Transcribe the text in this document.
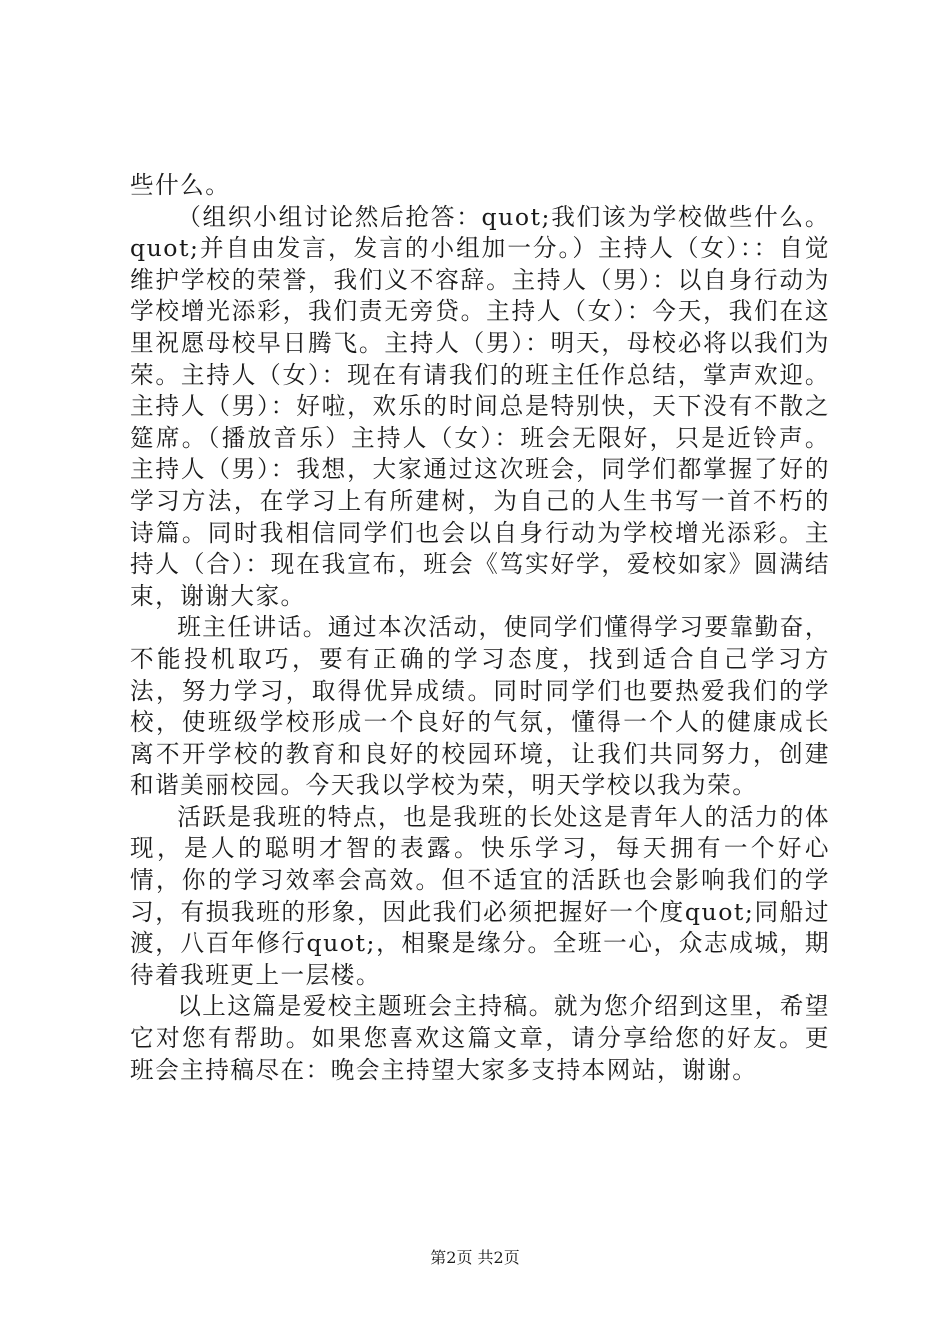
些什么。

（组织小组讨论然后抢答：quot;我们该为学校做些什么。quot;并自由发言，发言的小组加一分。）主持人（女）：：自觉维护学校的荣誉，我们义不容辞。主持人（男）：以自身行动为学校增光添彩，我们责无旁贷。主持人（女）：今天，我们在这里祝愿母校早日腾飞。主持人（男）：明天，母校必将以我们为荣。主持人（女）：现在有请我们的班主任作总结，掌声欢迎。主持人（男）：好啦，欢乐的时间总是特别快，天下没有不散之筵席。（播放音乐）主持人（女）：班会无限好，只是近铃声。主持人（男）：我想，大家通过这次班会，同学们都掌握了好的学习方法，在学习上有所建树，为自己的人生书写一首不朽的诗篇。同时我相信同学们也会以自身行动为学校增光添彩。主持人（合）：现在我宣布，班会《笃实好学，爱校如家》圆满结束，谢谢大家。

班主任讲话。通过本次活动，使同学们懂得学习要靠勤奋，不能投机取巧，要有正确的学习态度，找到适合自己学习方法，努力学习，取得优异成绩。同时同学们也要热爱我们的学校，使班级学校形成一个良好的气氛，懂得一个人的健康成长离不开学校的教育和良好的校园环境，让我们共同努力，创建和谐美丽校园。今天我以学校为荣，明天学校以我为荣。

活跃是我班的特点，也是我班的长处这是青年人的活力的体现，是人的聪明才智的表露。快乐学习，每天拥有一个好心情，你的学习效率会高效。但不适宜的活跃也会影响我们的学习，有损我班的形象，因此我们必须把握好一个度quot;同船过渡，八百年修行quot;，相聚是缘分。全班一心，众志成城，期待着我班更上一层楼。

以上这篇是爱校主题班会主持稿。就为您介绍到这里，希望它对您有帮助。如果您喜欢这篇文章，请分享给您的好友。更班会主持稿尽在：晚会主持望大家多支持本网站，谢谢。

第2页 共2页
